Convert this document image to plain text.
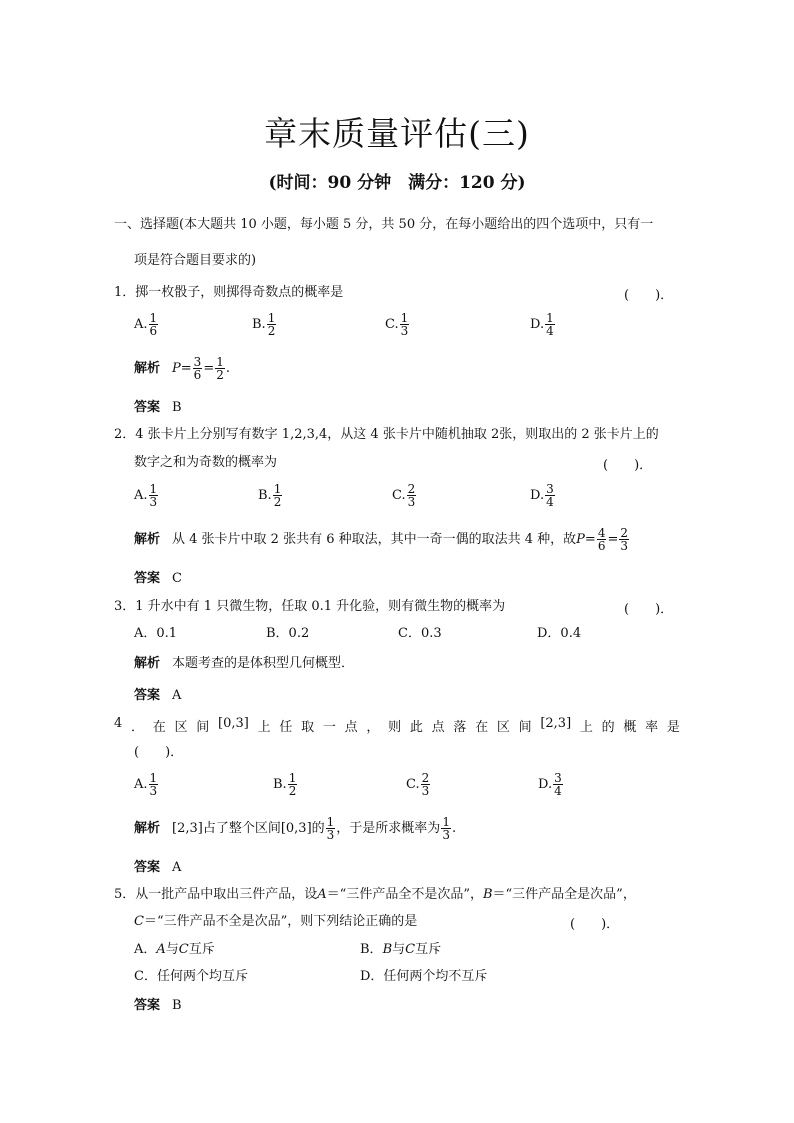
章末质量评估(三)
(时间：90 分钟　满分：120 分)
一、选择题(本大题共 10 小题，每小题 5 分，共 50 分，在每小题给出的四个选项中，只有一
项是符合题目要求的)
1．掷一枚骰子，则掷得奇数点的概率是	(　　)．
A. $\frac{1}{6}$	B. $\frac{1}{2}$	C. $\frac{1}{3}$	D. $\frac{1}{4}$
解析 $P= \frac{3}{6} = \frac{1}{2}$ .
答案 B
2．4 张卡片上分别写有数字 1,2,3,4，从这 4 张卡片中随机抽取 2张，则取出的 2 张卡片上的
数字之和为奇数的概率为	(　　)．
A. $\frac{1}{3}$	B. $\frac{1}{2}$	C. $\frac{2}{3}$	D. $\frac{3}{4}$
解析 从 4 张卡片中取 2 张共有 6 种取法，其中一奇一偶的取法共 4 种，故$P= \frac{4}{6} = \frac{2}{3}$
答案 C
3．1 升水中有 1 只微生物，任取 0.1 升化验，则有微生物的概率为	(　　)．
A．0.1	B．0.2	C．0.3	D．0.4
解析 本题考查的是体积型几何概型．
答案 A
4 ． 在 区 间 [0,3] 上 任 取 一 点 ， 则 此 点 落 在 区 间 [2,3] 上 的 概 率 是
(　　)．
A. $\frac{1}{3}$	B. $\frac{1}{2}$	C. $\frac{2}{3}$	D. $\frac{3}{4}$
解析 [2,3]占了整个区间[0,3]的 $\frac{1}{3}$ ，于是所求概率为 $\frac{1}{3}$ .
答案 A
5．从一批产品中取出三件产品，设A＝“三件产品全不是次品”，B＝“三件产品全是次品”，
C＝“三件产品不全是次品”，则下列结论正确的是	(　　)．
A．A与C互斥	B．B与C互斥
C．任何两个均互斥	D．任何两个均不互斥
答案 B
